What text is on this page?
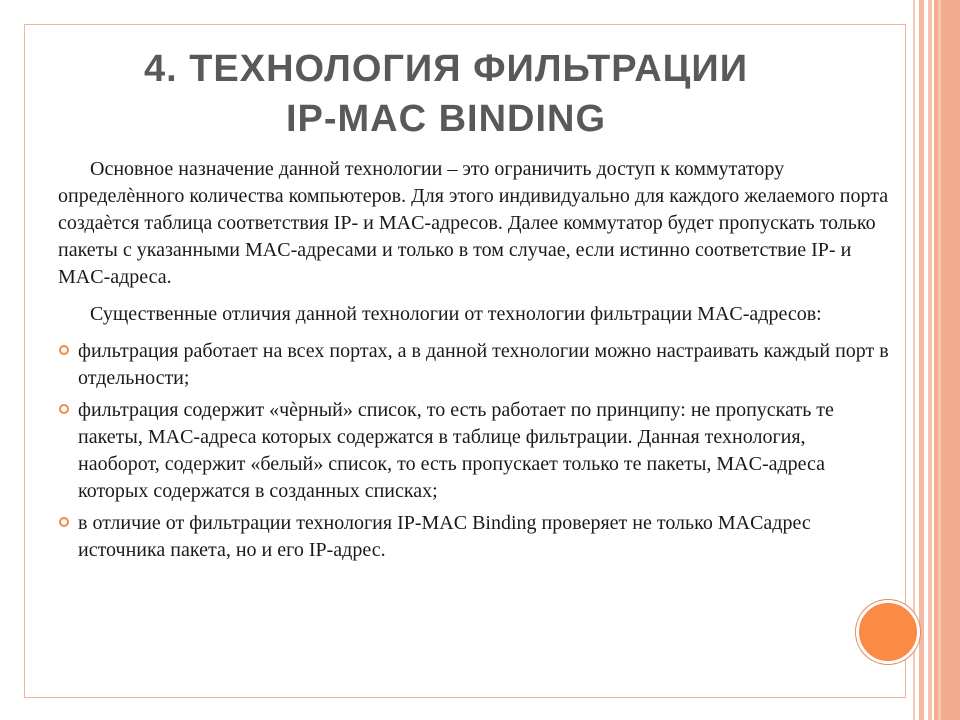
4. ТЕХНОЛОГИЯ ФИЛЬТРАЦИИ
IP-MAC BINDING

Основное назначение данной технологии – это ограничить доступ к коммутатору определѐнного количества компьютеров. Для этого индивидуально для каждого желаемого порта создаѐтся таблица соответствия IP- и MAC-адресов. Далее коммутатор будет пропускать только пакеты с указанными MAC-адресами и только в том случае, если истинно соответствие IP- и MAC-адреса.

Существенные отличия данной технологии от технологии фильтрации MAC-адресов:

фильтрация работает на всех портах, а в данной технологии можно настраивать каждый порт в отдельности;
фильтрация содержит «чѐрный» список, то есть работает по принципу: не пропускать те пакеты, MAC-адреса которых содержатся в таблице фильтрации. Данная технология, наоборот, содержит «белый» список, то есть пропускает только те пакеты, MAC-адреса которых содержатся в созданных списках;
в отличие от фильтрации технология IP-MAC Binding проверяет не только MACадрес источника пакета, но и его IP-адрес.
